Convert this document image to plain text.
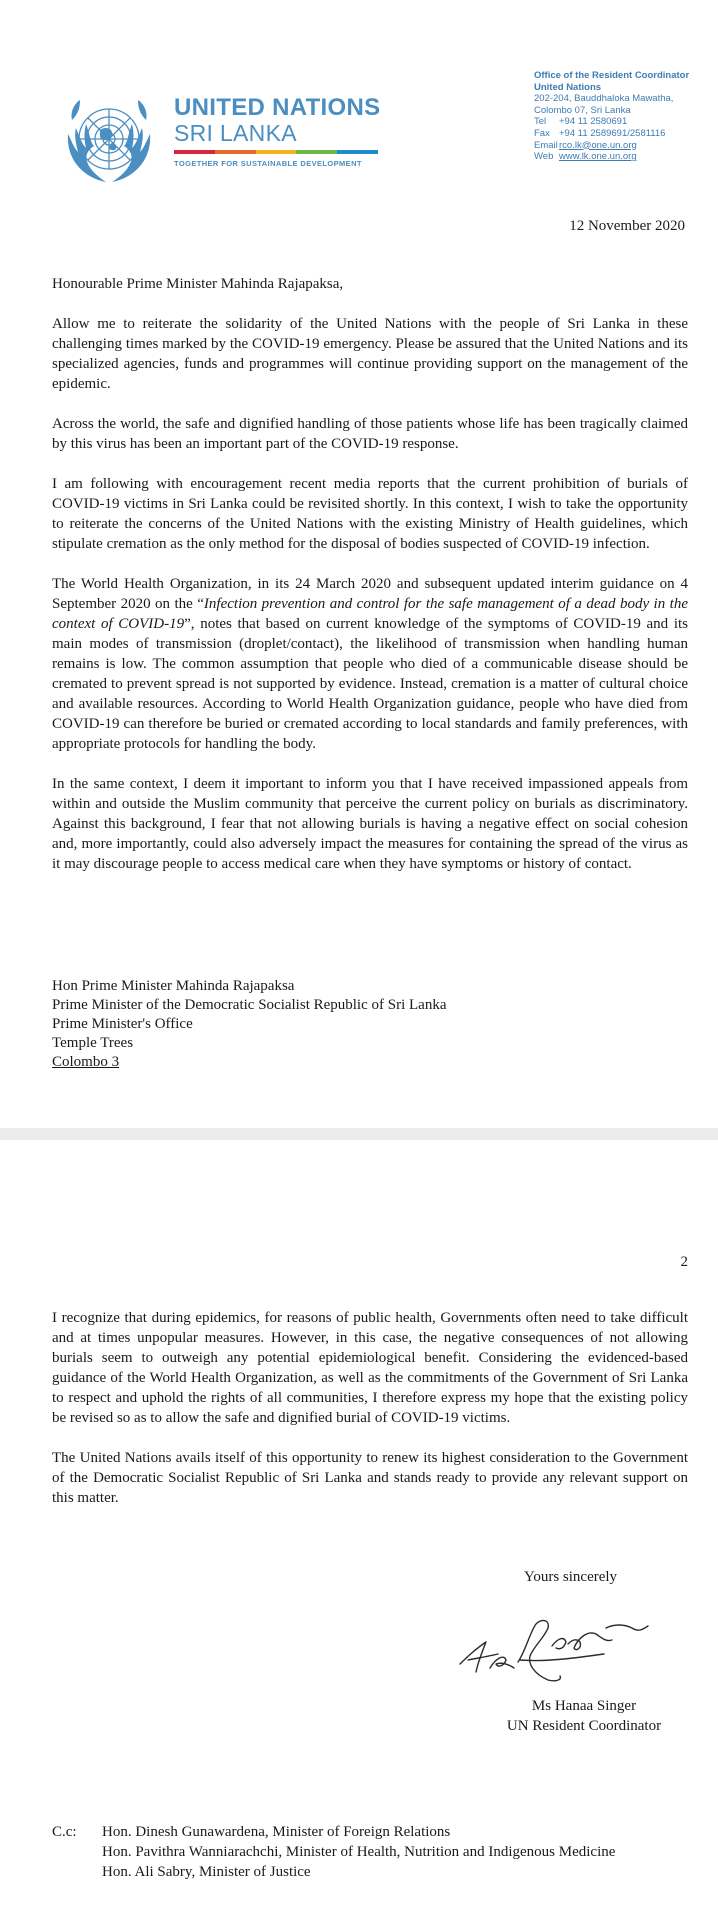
UNITED NATIONS
SRI LANKA
TOGETHER FOR SUSTAINABLE DEVELOPMENT
Office of the Resident Coordinator
United Nations
202-204, Bauddhaloka Mawatha,
Colombo 07, Sri Lanka
Tel	+94 11 2580691
Fax +94 11 2589691/2581116
Email rco.lk@one.un.org
Web www.lk.one.un.org
12 November 2020

Honourable Prime Minister Mahinda Rajapaksa,

Allow me to reiterate the solidarity of the United Nations with the people of Sri Lanka in these challenging times marked by the COVID-19 emergency. Please be assured that the United Nations and its specialized agencies, funds and programmes will continue providing support on the management of the epidemic.

Across the world, the safe and dignified handling of those patients whose life has been tragically claimed by this virus has been an important part of the COVID-19 response.

I am following with encouragement recent media reports that the current prohibition of burials of COVID-19 victims in Sri Lanka could be revisited shortly. In this context, I wish to take the opportunity to reiterate the concerns of the United Nations with the existing Ministry of Health guidelines, which stipulate cremation as the only method for the disposal of bodies suspected of COVID-19 infection.

The World Health Organization, in its 24 March 2020 and subsequent updated interim guidance on 4 September 2020 on the “Infection prevention and control for the safe management of a dead body in the context of COVID-19”, notes that based on current knowledge of the symptoms of COVID-19 and its main modes of transmission (droplet/contact), the likelihood of transmission when handling human remains is low. The common assumption that people who died of a communicable disease should be cremated to prevent spread is not supported by evidence. Instead, cremation is a matter of cultural choice and available resources. According to World Health Organization guidance, people who have died from COVID-19 can therefore be buried or cremated according to local standards and family preferences, with appropriate protocols for handling the body.

In the same context, I deem it important to inform you that I have received impassioned appeals from within and outside the Muslim community that perceive the current policy on burials as discriminatory. Against this background, I fear that not allowing burials is having a negative effect on social cohesion and, more importantly, could also adversely impact the measures for containing the spread of the virus as it may discourage people to access medical care when they have symptoms or history of contact.

Hon Prime Minister Mahinda Rajapaksa
Prime Minister of the Democratic Socialist Republic of Sri Lanka
Prime Minister's Office
Temple Trees
Colombo 3
2

I recognize that during epidemics, for reasons of public health, Governments often need to take difficult and at times unpopular measures. However, in this case, the negative consequences of not allowing burials seem to outweigh any potential epidemiological benefit. Considering the evidenced-based guidance of the World Health Organization, as well as the commitments of the Government of Sri Lanka to respect and uphold the rights of all communities, I therefore express my hope that the existing policy be revised so as to allow the safe and dignified burial of COVID-19 victims.

The United Nations avails itself of this opportunity to renew its highest consideration to the Government of the Democratic Socialist Republic of Sri Lanka and stands ready to provide any relevant support on this matter.

Yours sincerely
Ms Hanaa Singer
UN Resident Coordinator
C.c:	Hon. Dinesh Gunawardena, Minister of Foreign Relations
Hon. Pavithra Wanniarachchi, Minister of Health, Nutrition and Indigenous Medicine
Hon. Ali Sabry, Minister of Justice
